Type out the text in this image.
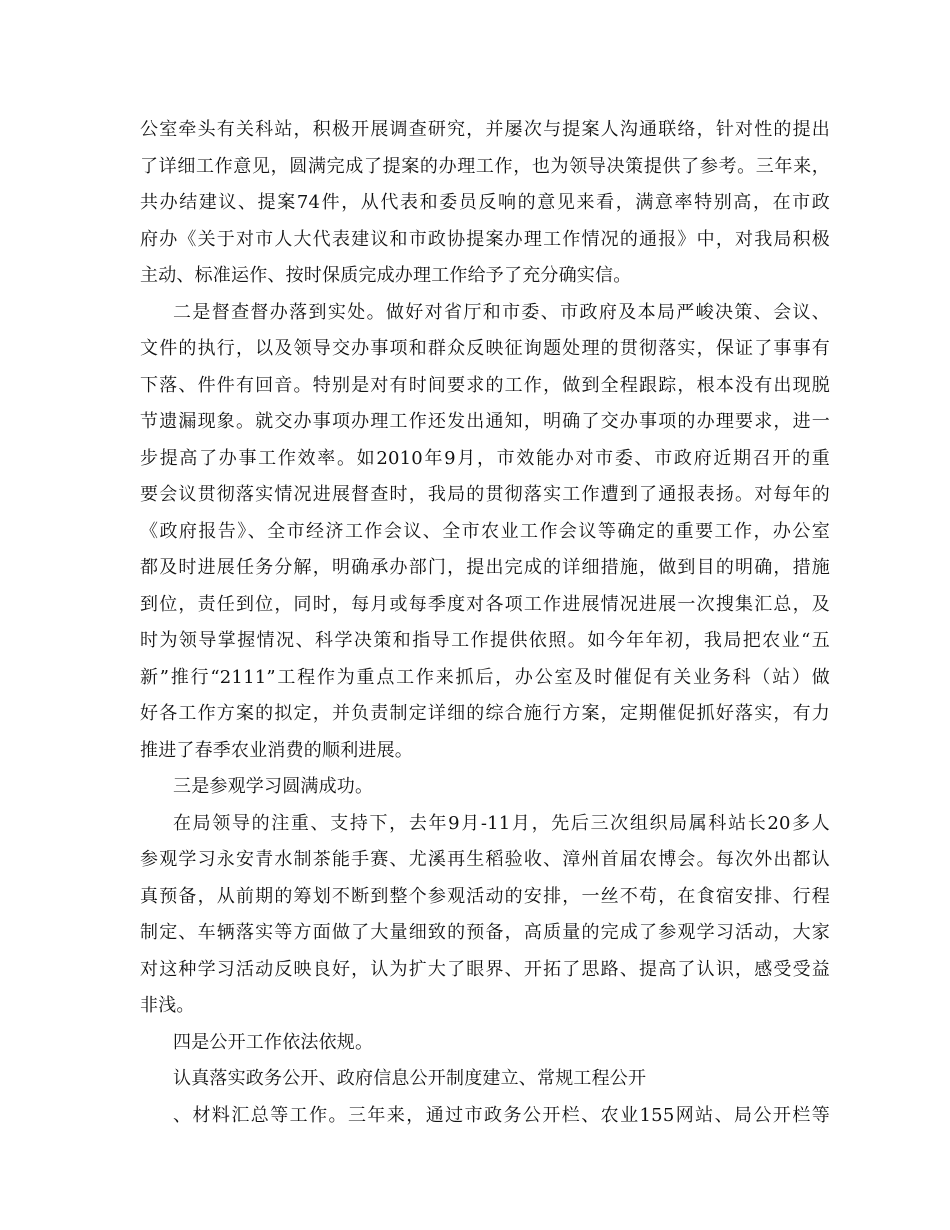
公室牵头有关科站，积极开展调查研究，并屡次与提案人沟通联络，针对性的提出
了详细工作意见，圆满完成了提案的办理工作，也为领导决策提供了参考。三年来，
共办结建议、提案74件，从代表和委员反响的意见来看，满意率特别高，在市政
府办《关于对市人大代表建议和市政协提案办理工作情况的通报》中，对我局积极
主动、标准运作、按时保质完成办理工作给予了充分确实信。
二是督查督办落到实处。做好对省厅和市委、市政府及本局严峻决策、会议、
文件的执行，以及领导交办事项和群众反映征询题处理的贯彻落实，保证了事事有
下落、件件有回音。特别是对有时间要求的工作，做到全程跟踪，根本没有出现脱
节遗漏现象。就交办事项办理工作还发出通知，明确了交办事项的办理要求，进一
步提高了办事工作效率。如2010年9月，市效能办对市委、市政府近期召开的重
要会议贯彻落实情况进展督查时，我局的贯彻落实工作遭到了通报表扬。对每年的
《政府报告》、全市经济工作会议、全市农业工作会议等确定的重要工作，办公室
都及时进展任务分解，明确承办部门，提出完成的详细措施，做到目的明确，措施
到位，责任到位，同时，每月或每季度对各项工作进展情况进展一次搜集汇总，及
时为领导掌握情况、科学决策和指导工作提供依照。如今年年初，我局把农业“五
新”推行“2111”工程作为重点工作来抓后，办公室及时催促有关业务科（站）做
好各工作方案的拟定，并负责制定详细的综合施行方案，定期催促抓好落实，有力
推进了春季农业消费的顺利进展。
三是参观学习圆满成功。
在局领导的注重、支持下，去年9月-11月，先后三次组织局属科站长20多人
参观学习永安青水制茶能手赛、尤溪再生稻验收、漳州首届农博会。每次外出都认
真预备，从前期的筹划不断到整个参观活动的安排，一丝不苟，在食宿安排、行程
制定、车辆落实等方面做了大量细致的预备，高质量的完成了参观学习活动，大家
对这种学习活动反映良好，认为扩大了眼界、开拓了思路、提高了认识，感受受益
非浅。
四是公开工作依法依规。
认真落实政务公开、政府信息公开制度建立、常规工程公开
、材料汇总等工作。三年来，通过市政务公开栏、农业155网站、局公开栏等
